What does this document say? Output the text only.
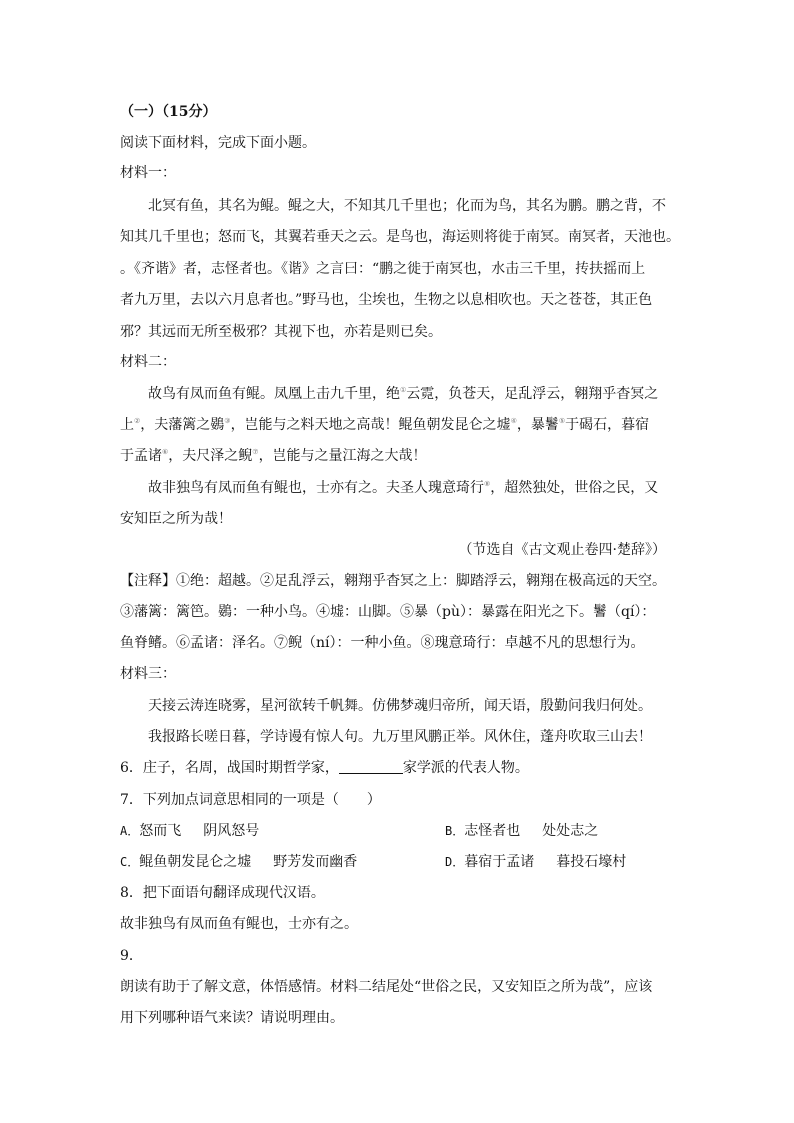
（一）（15分）
阅读下面材料，完成下面小题。
材料一：
北冥有鱼，其名为鲲。鲲之大，不知其几千里也；化而为鸟，其名为鹏。鹏之背，不
知其几千里也；怒而飞，其翼若垂天之云。是鸟也，海运则将徙于南冥。南冥者，天池也。
。《齐谐》者，志怪者也。《谐》之言曰：“鹏之徙于南冥也，水击三千里，抟扶摇而上
者九万里，去以六月息者也。”野马也，尘埃也，生物之以息相吹也。天之苍苍，其正色
邪？其远而无所至极邪？其视下也，亦若是则已矣。
材料二：
故鸟有凤而鱼有鲲。凤凰上击九千里，绝①云霓，负苍天，足乱浮云，翱翔乎杳冥之
上②，夫藩篱之鷃③，岂能与之料天地之高哉！鲲鱼朝发昆仑之墟④，暴鬐⑤于碣石，暮宿
于孟诸⑥，夫尺泽之鲵⑦，岂能与之量江海之大哉！
故非独鸟有凤而鱼有鲲也，士亦有之。夫圣人瑰意琦行⑧，超然独处，世俗之民，又
安知臣之所为哉！
（节选自《古文观止卷四·楚辞》）
【注释】①绝：超越。②足乱浮云，翱翔乎杳冥之上：脚踏浮云，翱翔在极高远的天空。
③藩篱：篱笆。鷃：一种小鸟。④墟：山脚。⑤暴（pù）：暴露在阳光之下。鬐（qí）：
鱼脊鳍。⑥孟诸：泽名。⑦鲵（ní）：一种小鱼。⑧瑰意琦行：卓越不凡的思想行为。
材料三：
天接云涛连晓雾，星河欲转千帆舞。仿佛梦魂归帝所，闻天语，殷勤问我归何处。
我报路长嗟日暮，学诗谩有惊人句。九万里风鹏正举。风休住，蓬舟吹取三山去！
6．庄子，名周，战国时期哲学家，	家学派的代表人物。
7．下列加点词意思相同的一项是（　　）
A．怒而飞 阴风怒号	B．志怪者也 处处志之
C．鲲鱼朝发昆仑之墟 野芳发而幽香	D．暮宿于孟诸 暮投石壕村
8．把下面语句翻译成现代汉语。
故非独鸟有凤而鱼有鲲也，士亦有之。
9．
朗读有助于了解文意，体悟感情。材料二结尾处“世俗之民，又安知臣之所为哉”，应该
用下列哪种语气来读？请说明理由。
